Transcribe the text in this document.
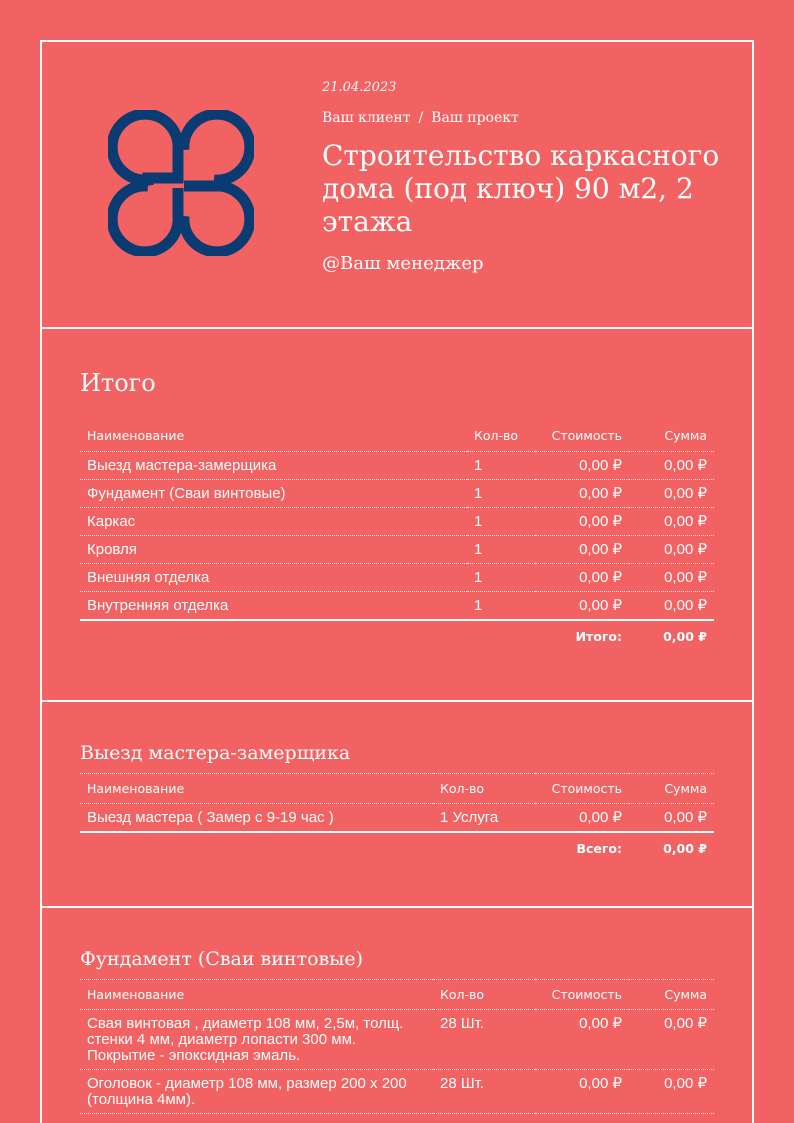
21.04.2023
Ваш клиент / Ваш проект
Строительство каркасного дома (под ключ) 90 м2, 2 этажа
@Ваш менеджер
Итого
Наименование	Кол-во	Стоимость	Сумма
Выезд мастера-замерщика	1	0,00 ₽	0,00 ₽
Фундамент (Сваи винтовые)	1	0,00 ₽	0,00 ₽
Каркас	1	0,00 ₽	0,00 ₽
Кровля	1	0,00 ₽	0,00 ₽
Внешняя отделка	1	0,00 ₽	0,00 ₽
Внутренняя отделка	1	0,00 ₽	0,00 ₽
		Итого:	0,00 ₽
Выезд мастера-замерщика
Наименование	Кол-во	Стоимость	Сумма
Выезд мастера ( Замер с 9-19 час )	1 Услуга	0,00 ₽	0,00 ₽
		Всего:	0,00 ₽
Фундамент (Сваи винтовые)
Наименование	Кол-во	Стоимость	Сумма
Свая винтовая , диаметр 108 мм, 2,5м, толщ. стенки 4 мм, диаметр лопасти 300 мм. Покрытие - эпоксидная эмаль.	28 Шт.	0,00 ₽	0,00 ₽
Оголовок - диаметр 108 мм, размер 200 x 200 (толщина 4мм).	28 Шт.	0,00 ₽	0,00 ₽
